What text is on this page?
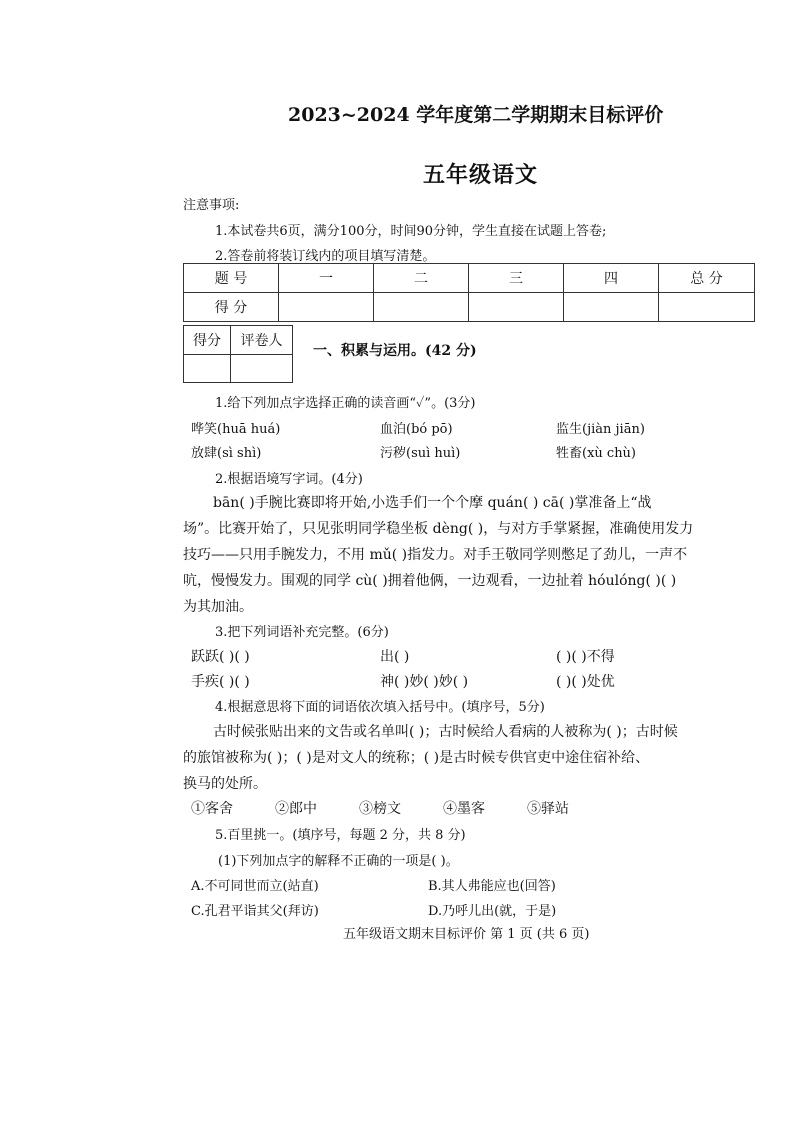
2023~2024 学年度第二学期期末目标评价
五年级语文
注意事项:
1.本试卷共6页，满分100分，时间90分钟，学生直接在试题上答卷;
2.答卷前将装订线内的项目填写清楚。
题 号	一	二	三	四	总 分
得 分					
得分	评卷人

一、积累与运用。(42 分)
1.给下列加点字选择正确的读音画“✓”。(3分)
哗笑(huā huá)	血泊(bó pō)	监生(jiàn jiān)
放肆(sì shì)	污秽(suì huì)	牲畜(xù chù)
2.根据语境写字词。(4分)
bān( )手腕比赛即将开始,小选手们一个个摩 quán( ) cā( )掌准备上“战
场”。比赛开始了，只见张明同学稳坐板 dèng( )，与对方手掌紧握，准确使用发力
技巧——只用手腕发力，不用 mǔ( )指发力。对手王敬同学则憋足了劲儿，一声不
吭，慢慢发力。围观的同学 cù( )拥着他俩，一边观看，一边扯着 hóulóng( )( )
为其加油。
3.把下列词语补充完整。(6分)
跃跃( )( )	出( )	( )( )不得
手疾( )( )	神( )妙( )妙( )	( )( )处优
4.根据意思将下面的词语依次填入括号中。(填序号，5分)
古时候张贴出来的文告或名单叫( )；古时候给人看病的人被称为( )；古时候
的旅馆被称为( )；( )是对文人的统称；( )是古时候专供官吏中途住宿补给、
换马的处所。
①客舍	②郎中	③榜文	④墨客	⑤驿站
5.百里挑一。(填序号，每题 2 分，共 8 分)
(1)下列加点字的解释不正确的一项是( )。
A.不可同世而立(站直)	B.其人弗能应也(回答)
C.孔君平诣其父(拜访)	D.乃呼儿出(就，于是)
五年级语文期末目标评价 第 1 页 (共 6 页)
